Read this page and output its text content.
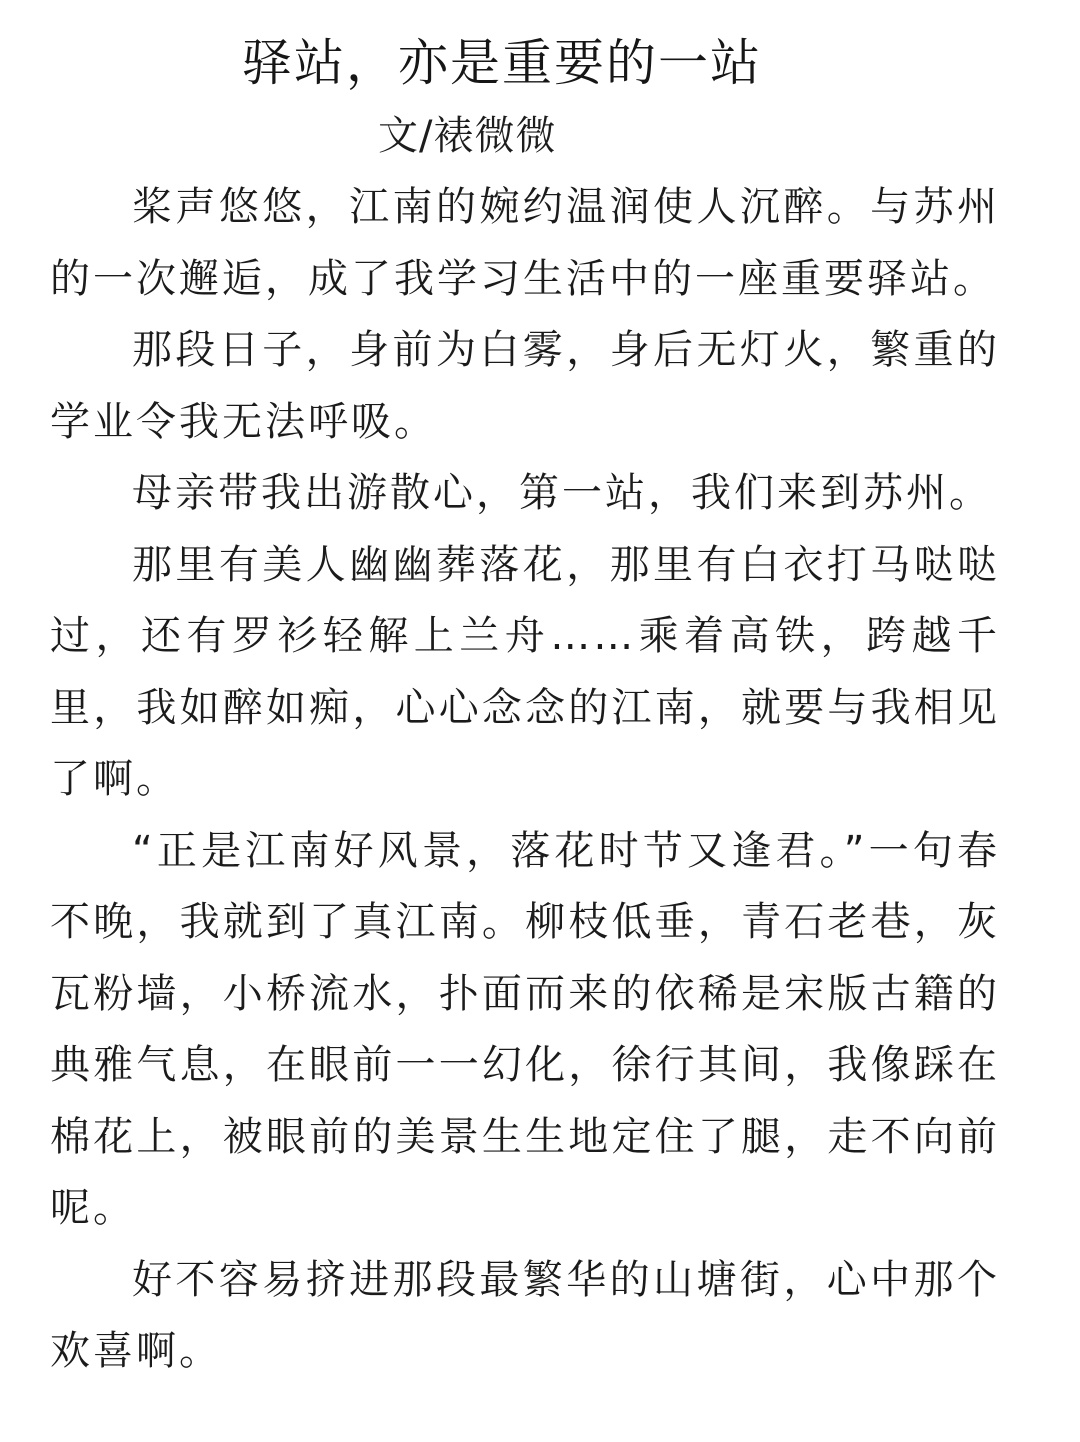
驿站，亦是重要的一站
文/裱微微

桨声悠悠，江南的婉约温润使人沉醉。与苏州的一次邂逅，成了我学习生活中的一座重要驿站。

那段日子，身前为白雾，身后无灯火，繁重的学业令我无法呼吸。

母亲带我出游散心，第一站，我们来到苏州。

那里有美人幽幽葬落花，那里有白衣打马哒哒过，还有罗衫轻解上兰舟……乘着高铁，跨越千里，我如醉如痴，心心念念的江南，就要与我相见了啊。

“正是江南好风景，落花时节又逢君。”一句春不晚，我就到了真江南。柳枝低垂，青石老巷，灰瓦粉墙，小桥流水，扑面而来的依稀是宋版古籍的典雅气息，在眼前一一幻化，徐行其间，我像踩在棉花上，被眼前的美景生生地定住了腿，走不向前呢。

好不容易挤进那段最繁华的山塘街，心中那个欢喜啊。
